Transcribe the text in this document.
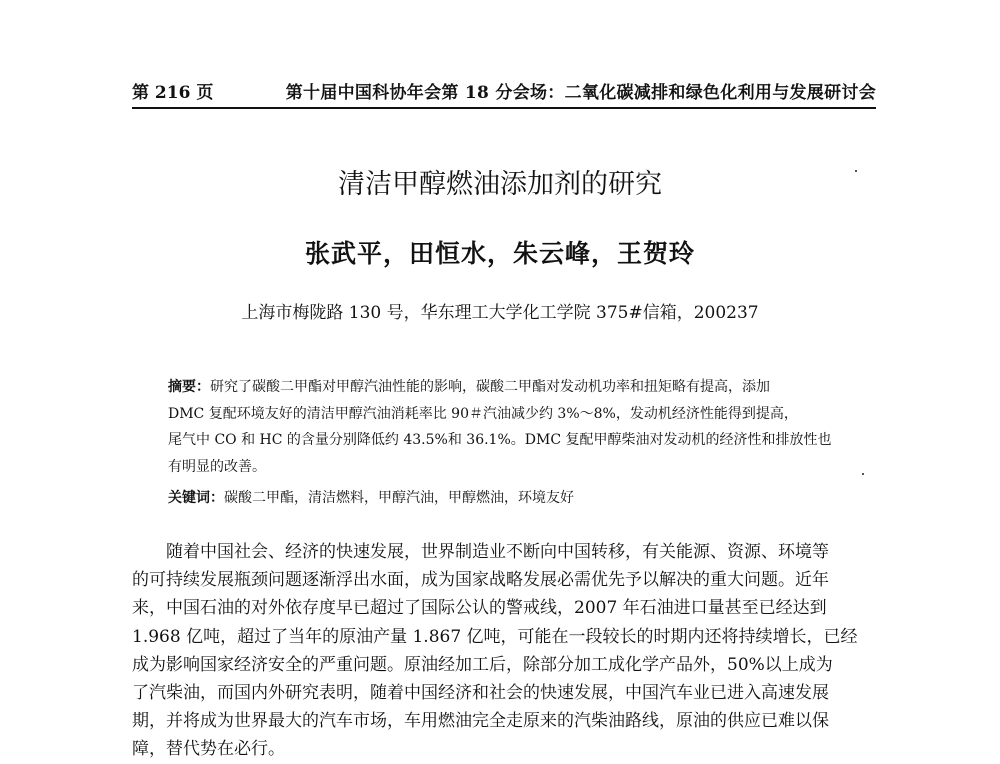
第 216 页	第十届中国科协年会第 18 分会场：二氧化碳减排和绿色化利用与发展研讨会
清洁甲醇燃油添加剂的研究
张武平，田恒水，朱云峰，王贺玲
上海市梅陇路 130 号，华东理工大学化工学院 375#信箱，200237
摘要：研究了碳酸二甲酯对甲醇汽油性能的影响，碳酸二甲酯对发动机功率和扭矩略有提高，添加
DMC 复配环境友好的清洁甲醇汽油消耗率比 90＃汽油减少约 3%～8%，发动机经济性能得到提高，
尾气中 CO 和 HC 的含量分别降低约 43.5%和 36.1%。DMC 复配甲醇柴油对发动机的经济性和排放性也
有明显的改善。
关键词：碳酸二甲酯，清洁燃料，甲醇汽油，甲醇燃油，环境友好
随着中国社会、经济的快速发展，世界制造业不断向中国转移，有关能源、资源、环境等
的可持续发展瓶颈问题逐渐浮出水面，成为国家战略发展必需优先予以解决的重大问题。近年
来，中国石油的对外依存度早已超过了国际公认的警戒线，2007 年石油进口量甚至已经达到
1.968 亿吨，超过了当年的原油产量 1.867 亿吨，可能在一段较长的时期内还将持续增长，已经
成为影响国家经济安全的严重问题。原油经加工后，除部分加工成化学产品外，50%以上成为
了汽柴油，而国内外研究表明，随着中国经济和社会的快速发展，中国汽车业已进入高速发展
期，并将成为世界最大的汽车市场，车用燃油完全走原来的汽柴油路线，原油的供应已难以保
障，替代势在必行。
